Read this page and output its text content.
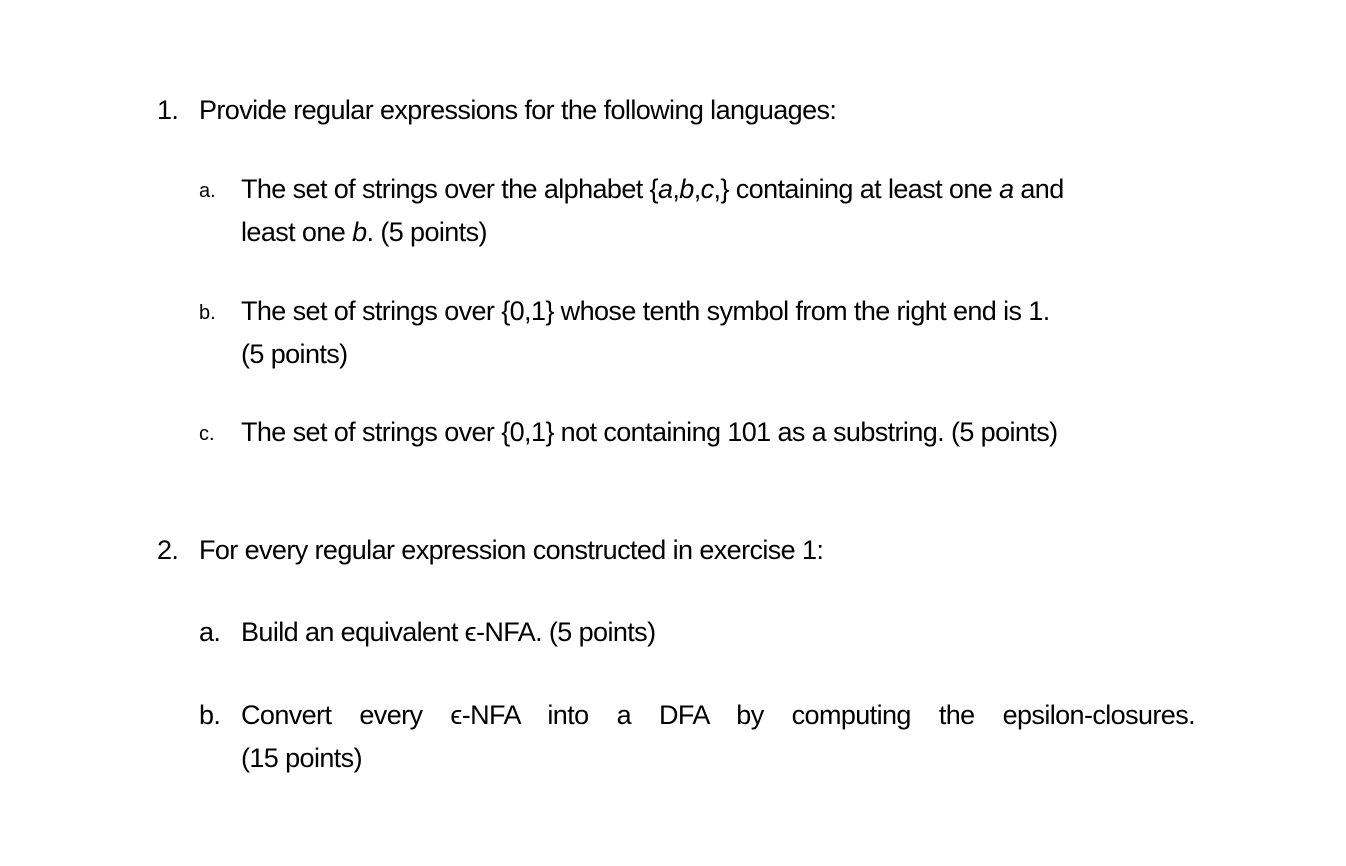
1. Provide regular expressions for the following languages:
a. The set of strings over the alphabet {a,b,c,} containing at least one a and
least one b. (5 points)
b. The set of strings over {0,1} whose tenth symbol from the right end is 1.
(5 points)
c. The set of strings over {0,1} not containing 101 as a substring. (5 points)
2. For every regular expression constructed in exercise 1:
a. Build an equivalent ϵ-NFA. (5 points)
b. Convert every ϵ-NFA into a DFA by computing the epsilon-closures.
(15 points)
